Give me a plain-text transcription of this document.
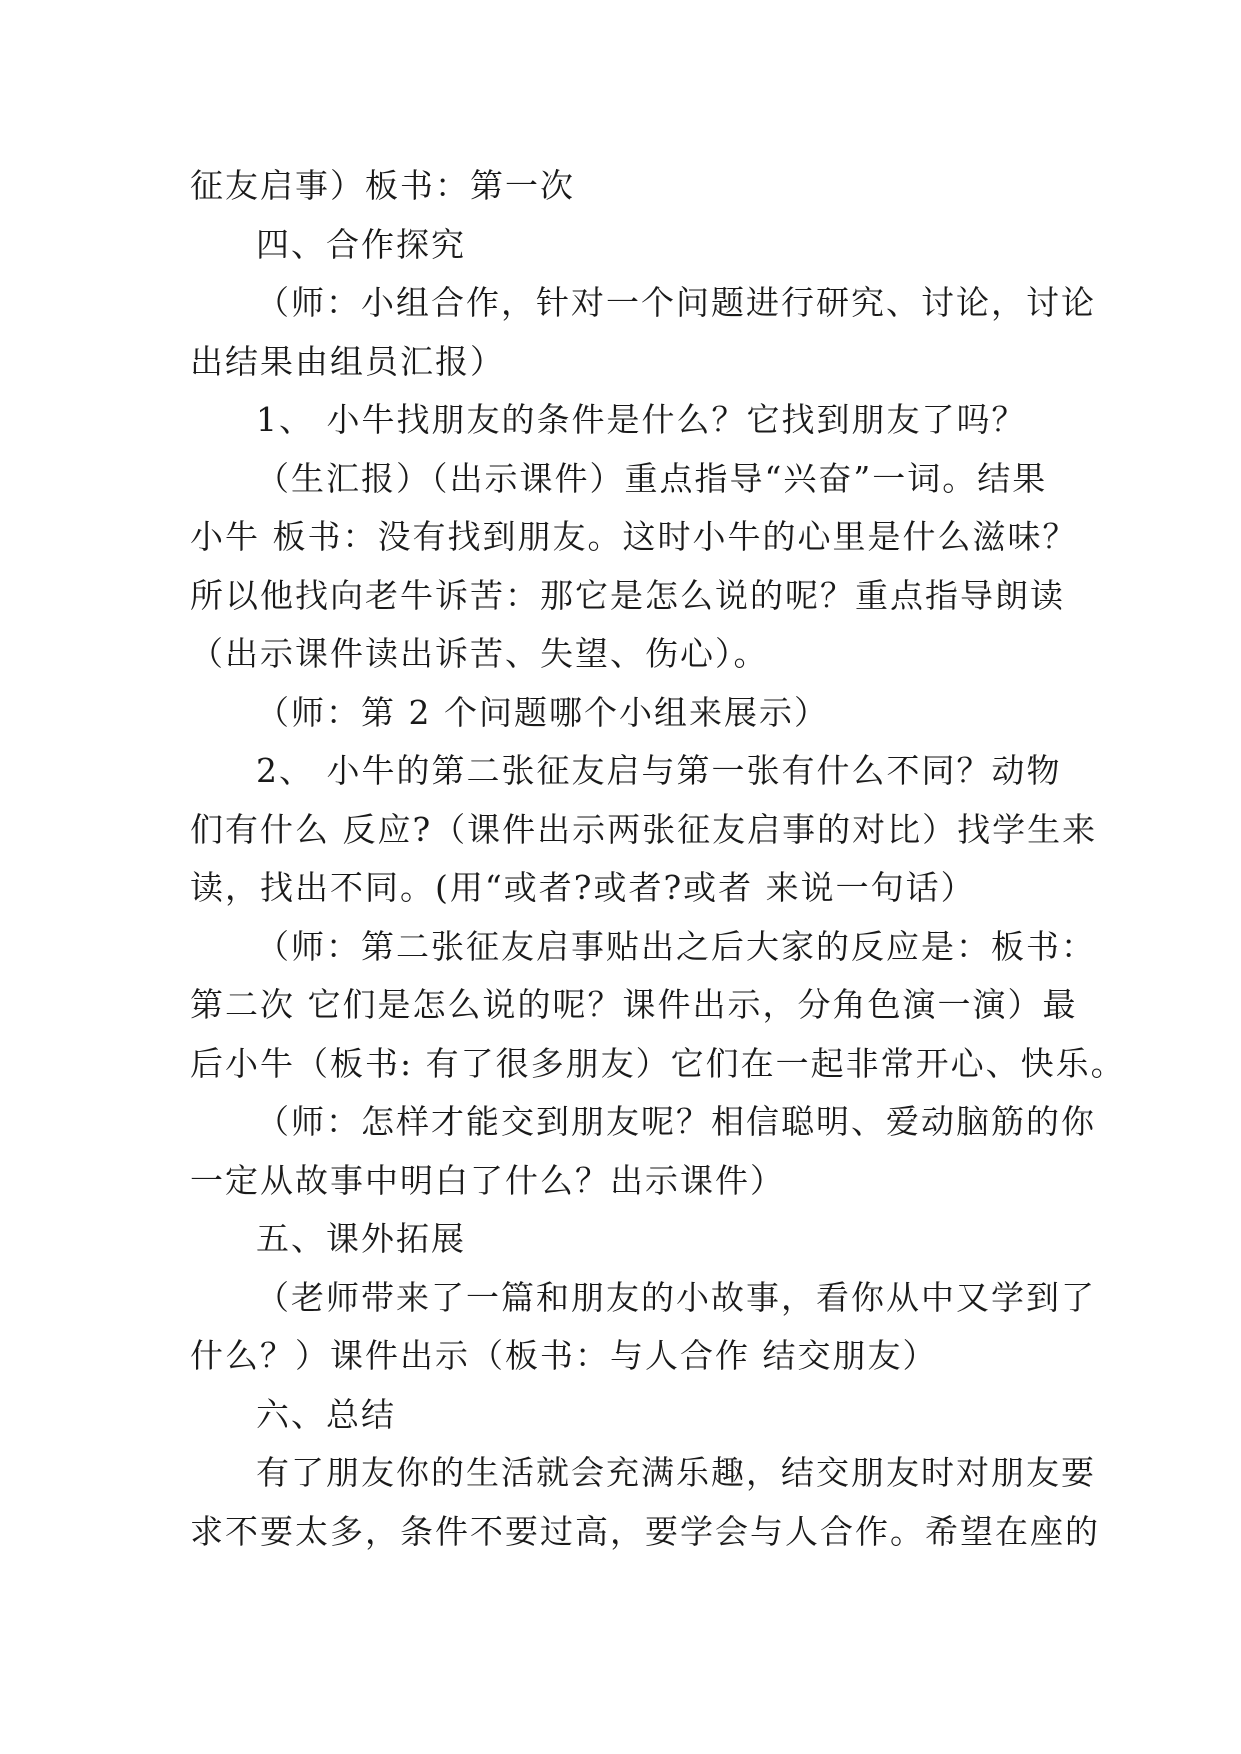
征友启事）板书：第一次
四、合作探究
（师：小组合作，针对一个问题进行研究、讨论，讨论
出结果由组员汇报）
1、 小牛找朋友的条件是什么？它找到朋友了吗？
（生汇报）（出示课件）重点指导“兴奋”一词。结果
小牛 板书：没有找到朋友。这时小牛的心里是什么滋味？
所以他找向老牛诉苦：那它是怎么说的呢？重点指导朗读
（出示课件读出诉苦、失望、伤心）。
（师：第 2 个问题哪个小组来展示）
2、 小牛的第二张征友启与第一张有什么不同？动物
们有什么 反应?（课件出示两张征友启事的对比）找学生来
读，找出不同。(用“或者?或者?或者 来说一句话）
（师：第二张征友启事贴出之后大家的反应是：板书：
第二次 它们是怎么说的呢？课件出示，分角色演一演）最
后小牛（板书: 有了很多朋友）它们在一起非常开心、快乐。
（师：怎样才能交到朋友呢？相信聪明、爱动脑筋的你
一定从故事中明白了什么？出示课件）
五、课外拓展
（老师带来了一篇和朋友的小故事，看你从中又学到了
什么？）课件出示（板书：与人合作 结交朋友）
六、总结
有了朋友你的生活就会充满乐趣，结交朋友时对朋友要
求不要太多，条件不要过高，要学会与人合作。希望在座的
